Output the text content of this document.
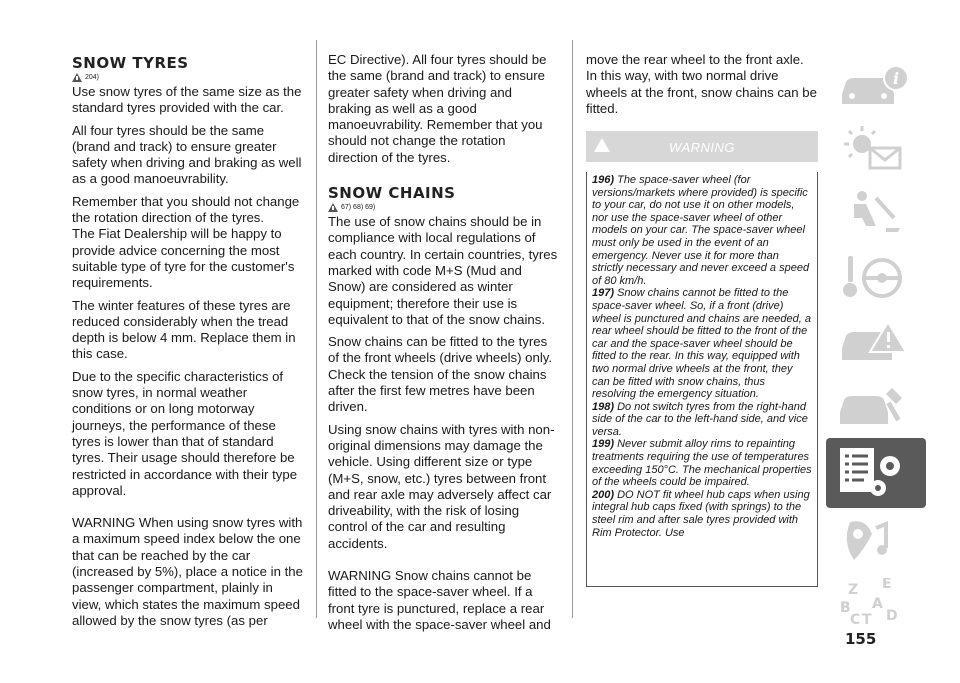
SNOW TYRES
204)

Use snow tyres of the same size as the standard tyres provided with the car.

All four tyres should be the same (brand and track) to ensure greater safety when driving and braking as well as a good manoeuvrability.

Remember that you should not change the rotation direction of the tyres.

The Fiat Dealership will be happy to provide advice concerning the most suitable type of tyre for the customer's requirements.

The winter features of these tyres are reduced considerably when the tread depth is below 4 mm. Replace them in this case.

Due to the specific characteristics of snow tyres, in normal weather conditions or on long motorway journeys, the performance of these tyres is lower than that of standard tyres. Their usage should therefore be restricted in accordance with their type approval.

WARNING When using snow tyres with a maximum speed index below the one that can be reached by the car (increased by 5%), place a notice in the passenger compartment, plainly in view, which states the maximum speed allowed by the snow tyres (as per

EC Directive). All four tyres should be the same (brand and track) to ensure greater safety when driving and braking as well as a good manoeuvrability. Remember that you should not change the rotation direction of the tyres.

SNOW CHAINS
67) 68) 69)

The use of snow chains should be in compliance with local regulations of each country. In certain countries, tyres marked with code M+S (Mud and Snow) are considered as winter equipment; therefore their use is equivalent to that of the snow chains.

Snow chains can be fitted to the tyres of the front wheels (drive wheels) only. Check the tension of the snow chains after the first few metres have been driven.

Using snow chains with tyres with non-original dimensions may damage the vehicle. Using different size or type (M+S, snow, etc.) tyres between front and rear axle may adversely affect car driveability, with the risk of losing control of the car and resulting accidents.

WARNING Snow chains cannot be fitted to the space-saver wheel. If a front tyre is punctured, replace a rear wheel with the space-saver wheel and

move the rear wheel to the front axle. In this way, with two normal drive wheels at the front, snow chains can be fitted.

WARNING

196) The space-saver wheel (for versions/markets where provided) is specific to your car, do not use it on other models, nor use the space-saver wheel of other models on your car. The space-saver wheel must only be used in the event of an emergency. Never use it for more than strictly necessary and never exceed a speed of 80 km/h.

197) Snow chains cannot be fitted to the space-saver wheel. So, if a front (drive) wheel is punctured and chains are needed, a rear wheel should be fitted to the front of the car and the space-saver wheel should be fitted to the rear. In this way, equipped with two normal drive wheels at the front, they can be fitted with snow chains, thus resolving the emergency situation.

198) Do not switch tyres from the right-hand side of the car to the left-hand side, and vice versa.

199) Never submit alloy rims to repainting treatments requiring the use of temperatures exceeding 150°C. The mechanical properties of the wheels could be impaired.

200) DO NOT fit wheel hub caps when using integral hub caps fixed (with springs) to the steel rim and after sale tyres provided with Rim Protector. Use

i
Z E
B A
C T D
155
